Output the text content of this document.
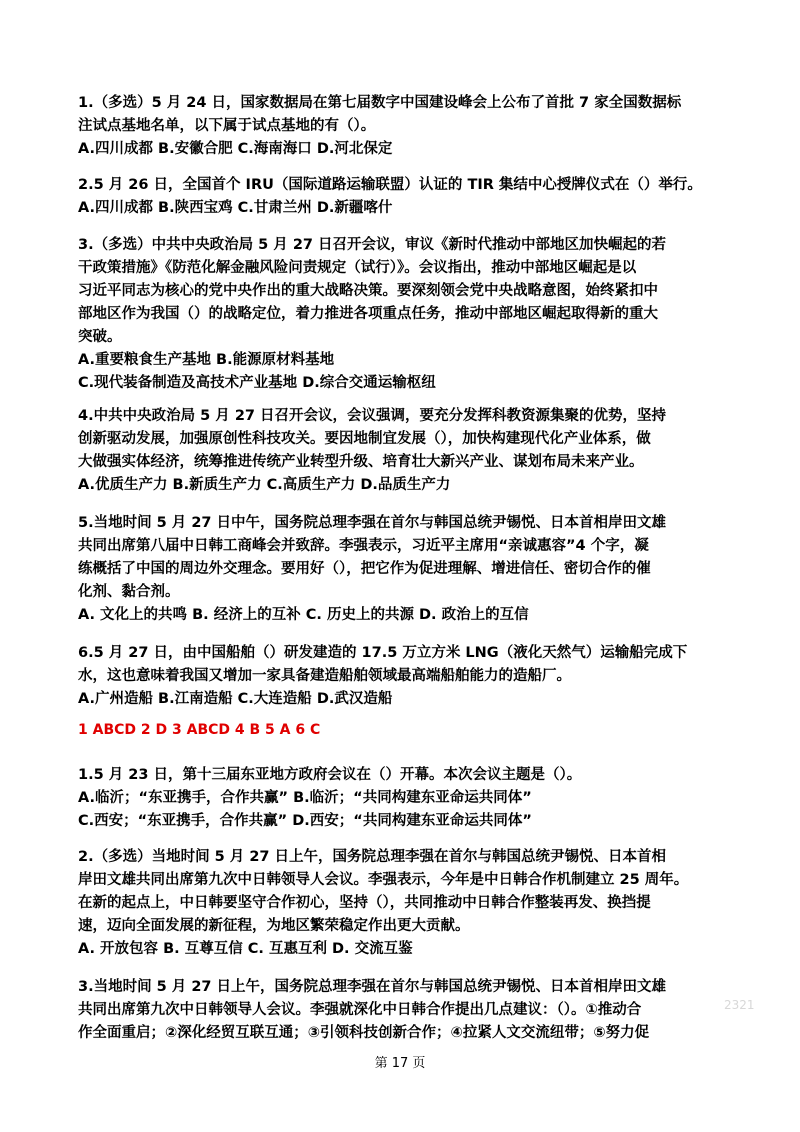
1.（多选）5 月 24 日，国家数据局在第七届数字中国建设峰会上公布了首批 7 家全国数据标

注试点基地名单，以下属于试点基地的有（）。

A.四川成都 B.安徽合肥 C.海南海口 D.河北保定

2.5 月 26 日，全国首个 IRU（国际道路运输联盟）认证的 TIR 集结中心授牌仪式在（）举行。

A.四川成都 B.陕西宝鸡 C.甘肃兰州 D.新疆喀什

3.（多选）中共中央政治局 5 月 27 日召开会议，审议《新时代推动中部地区加快崛起的若

干政策措施》《防范化解金融风险问责规定（试行）》。会议指出，推动中部地区崛起是以

习近平同志为核心的党中央作出的重大战略决策。要深刻领会党中央战略意图，始终紧扣中

部地区作为我国（）的战略定位，着力推进各项重点任务，推动中部地区崛起取得新的重大

突破。

A.重要粮食生产基地 B.能源原材料基地

C.现代装备制造及高技术产业基地 D.综合交通运输枢纽

4.中共中央政治局 5 月 27 日召开会议，会议强调，要充分发挥科教资源集聚的优势，坚持

创新驱动发展，加强原创性科技攻关。要因地制宜发展（），加快构建现代化产业体系，做

大做强实体经济，统筹推进传统产业转型升级、培育壮大新兴产业、谋划布局未来产业。

A.优质生产力 B.新质生产力 C.高质生产力 D.品质生产力

5.当地时间 5 月 27 日中午，国务院总理李强在首尔与韩国总统尹锡悦、日本首相岸田文雄

共同出席第八届中日韩工商峰会并致辞。李强表示，习近平主席用“亲诚惠容”4 个字，凝

练概括了中国的周边外交理念。要用好（），把它作为促进理解、增进信任、密切合作的催

化剂、黏合剂。

A. 文化上的共鸣 B. 经济上的互补 C. 历史上的共源 D. 政治上的互信

6.5 月 27 日，由中国船舶（）研发建造的 17.5 万立方米 LNG（液化天然气）运输船完成下

水，这也意味着我国又增加一家具备建造船舶领域最高端船舶能力的造船厂。

A.广州造船 B.江南造船 C.大连造船 D.武汉造船

1 ABCD 2 D 3 ABCD 4 B 5 A 6 C

1.5 月 23 日，第十三届东亚地方政府会议在（）开幕。本次会议主题是（）。

A.临沂；“东亚携手，合作共赢” B.临沂；“共同构建东亚命运共同体”

C.西安；“东亚携手，合作共赢” D.西安；“共同构建东亚命运共同体”

2.（多选）当地时间 5 月 27 日上午，国务院总理李强在首尔与韩国总统尹锡悦、日本首相

岸田文雄共同出席第九次中日韩领导人会议。李强表示，今年是中日韩合作机制建立 25 周年。

在新的起点上，中日韩要坚守合作初心，坚持（），共同推动中日韩合作整装再发、换挡提

速，迈向全面发展的新征程，为地区繁荣稳定作出更大贡献。

A. 开放包容 B. 互尊互信 C. 互惠互利 D. 交流互鉴

3.当地时间 5 月 27 日上午，国务院总理李强在首尔与韩国总统尹锡悦、日本首相岸田文雄

共同出席第九次中日韩领导人会议。李强就深化中日韩合作提出几点建议：（）。①推动合

作全面重启；②深化经贸互联互通；③引领科技创新合作；④拉紧人文交流纽带；⑤努力促

2321
第 17 页
